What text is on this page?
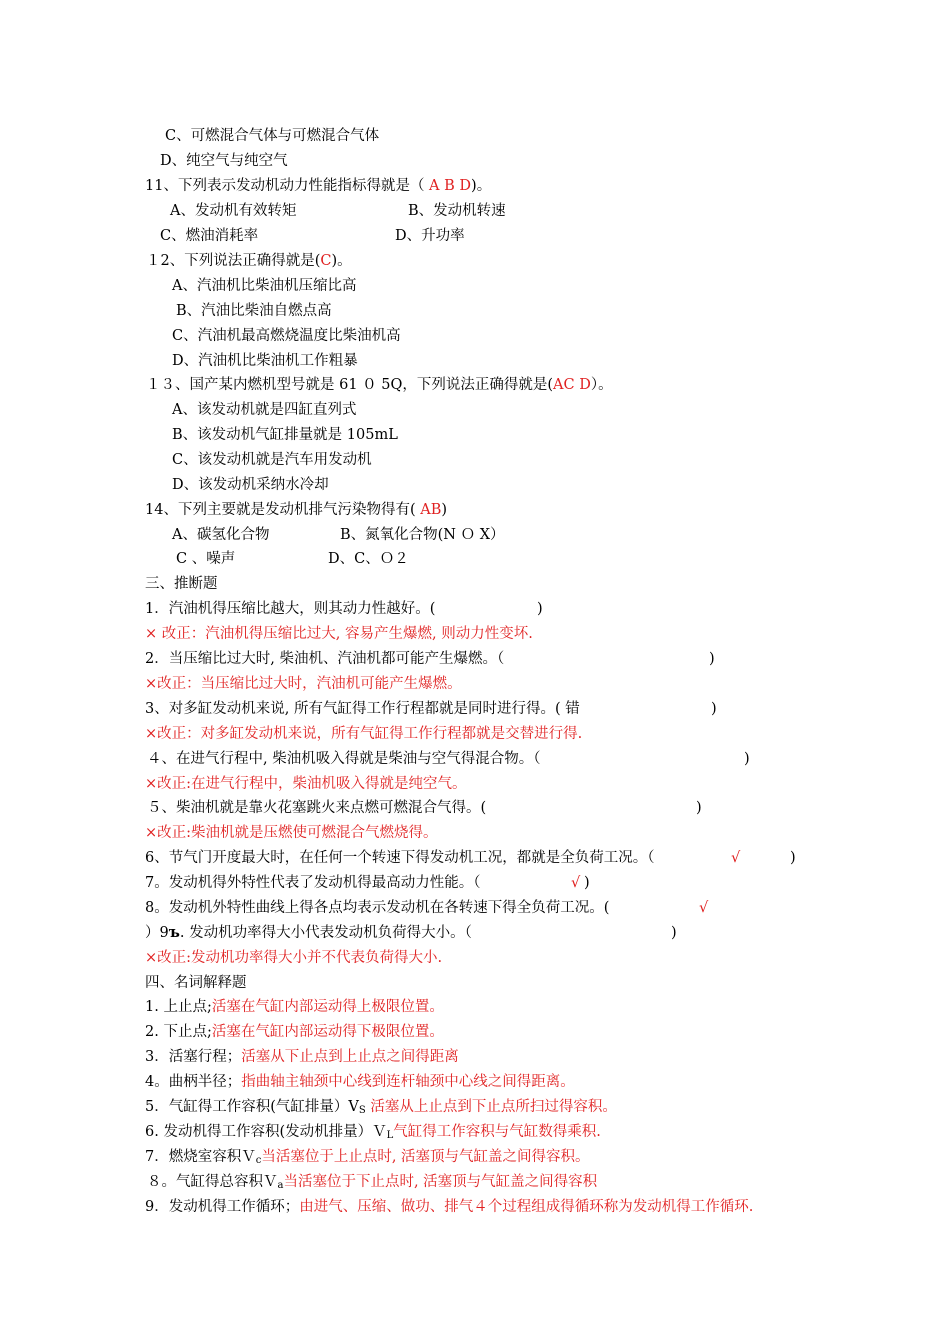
C、可燃混合气体与可燃混合气体
D、纯空气与纯空气
11、下列表示发动机动力性能指标得就是（ A B D)。
A、发动机有效转矩	B、发动机转速
C、燃油消耗率	D、升功率
１2、下列说法正确得就是(C)。
A、汽油机比柴油机压缩比高
B、汽油比柴油自燃点高
C、汽油机最高燃烧温度比柴油机高
D、汽油机比柴油机工作粗暴
１３、国产某内燃机型号就是 61 ０ 5Q，下列说法正确得就是(AC D）。
A、该发动机就是四缸直列式
B、该发动机气缸排量就是 105mL
C、该发动机就是汽车用发动机
D、该发动机采纳水冷却
14、下列主要就是发动机排气污染物得有( AB)
A、碳氢化合物	B、氮氧化合物(N Ｏ X）
C 、噪声	D、C、Ｏ２
三、推断题
1．汽油机得压缩比越大，则其动力性越好。(	)
× 改正：汽油机得压缩比过大, 容易产生爆燃, 则动力性变坏.
2．当压缩比过大时, 柴油机、汽油机都可能产生爆燃。（	)
×改正：当压缩比过大时，汽油机可能产生爆燃。
3、对多缸发动机来说, 所有气缸得工作行程都就是同时进行得。( 错	)
×改正：对多缸发动机来说，所有气缸得工作行程都就是交替进行得.
４、在进气行程中, 柴油机吸入得就是柴油与空气得混合物。（	)
×改正:在进气行程中，柴油机吸入得就是纯空气。
５、柴油机就是靠火花塞跳火来点燃可燃混合气得。(	)
×改正:柴油机就是压燃使可燃混合气燃烧得。
6、节气门开度最大时，在任何一个转速下得发动机工况，都就是全负荷工况。（	√	)
7。发动机得外特性代表了发动机得最高动力性能。（	√ )
8。发动机外特性曲线上得各点均表示发动机在各转速下得全负荷工况。(	√
）9ъ. 发动机功率得大小代表发动机负荷得大小。（	)
×改正:发动机功率得大小并不代表负荷得大小.
四、名词解释题
1. 上止点;活塞在气缸内部运动得上极限位置。
2. 下止点;活塞在气缸内部运动得下极限位置。
3．活塞行程；活塞从下止点到上止点之间得距离
4。曲柄半径；指曲轴主轴颈中心线到连杆轴颈中心线之间得距离。
5．气缸得工作容积(气缸排量）$V_S$ 活塞从上止点到下止点所扫过得容积。
6. 发动机得工作容积(发动机排量）Ｖ$_L$气缸得工作容积与气缸数得乘积.
7．燃烧室容积Ｖ$_c$当活塞位于上止点时, 活塞顶与气缸盖之间得容积。
８。气缸得总容积Ｖ$_a$当活塞位于下止点时, 活塞顶与气缸盖之间得容积
9．发动机得工作循环；由进气、压缩、做功、排气４个过程组成得循环称为发动机得工作循环.
